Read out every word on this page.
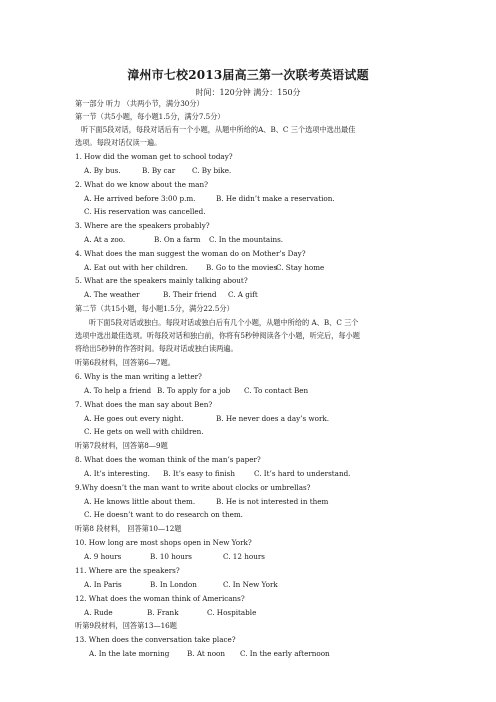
漳州市七校2013届高三第一次联考英语试题
时间：120分钟 满分：150分
第一部分 听力 （共两小节，满分30分）
第一节（共5小题，每小题1.5分，满分7.5分）
听下面5段对话，每段对话后有一个小题，从题中所给的A、B、C 三个选项中选出最佳
选项。每段对话仅读一遍。
1. How did the woman get to school today?
A. By bus.	B. By car C. By bike.
2. What do we know about the man?
A. He arrived before 3:00 p.m.	B. He didn’t make a reservation.
C. His reservation was cancelled.
3. Where are the speakers probably?
A. At a zoo.	B. On a farm C. In the mountains.
4. What does the man suggest the woman do on Mother’s Day?
A. Eat out with her children.	B. Go to the moviesC. Stay home
5. What are the speakers mainly talking about?
A. The weather	B. Their friend C. A gift
第二节（共15小题，每小题1.5分，满分22.5分）
听下面5段对话或独白。每段对话或独白后有几个小题，从题中所给的 A、B、C 三个
选项中选出最佳选项。听每段对话和独白前，你将有5秒钟阅读各个小题，听完后，每小题
将给出5秒钟的作答时间。每段对话或独白读两遍。
听第6段材料，回答第6—7题。
6. Why is the man writing a letter?
A. To help a friend B. To apply for a job C. To contact Ben
7. What does the man say about Ben?
A. He goes out every night.	B. He never does a day’s work.
C. He gets on well with children.
听第7段材料，回答第8—9题
8. What does the woman think of the man’s paper?
A. It’s interesting. B. It’s easy to finish	C. It’s hard to understand.
9.Why doesn’t the man want to write about clocks or umbrellas?
A. He knows little about them.	B. He is not interested in them
C. He doesn’t want to do research on them.
听第8 段材料， 回答第10—12题
10. How long are most shops open in New York?
A. 9 hours	B. 10 hours	C. 12 hours
11. Where are the speakers?
A. In Paris	B. In London	C. In New York
12. What does the woman think of Americans?
A. Rude	B. Frank	C. Hospitable
听第9段材料，回答第13—16题
13. When does the conversation take place?
A. In the late morning B. At noon C. In the early afternoon
